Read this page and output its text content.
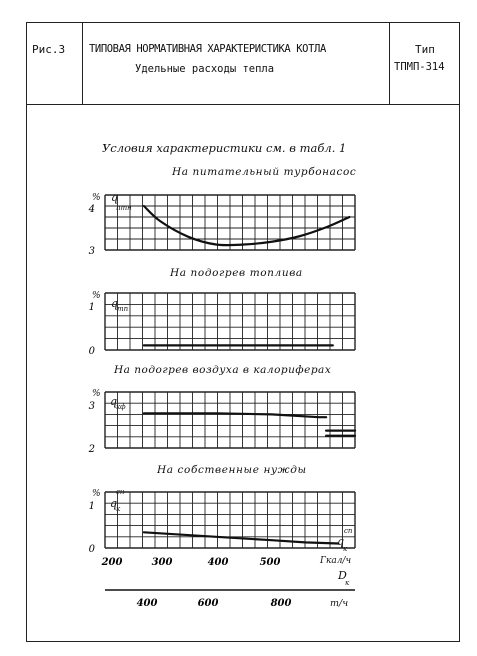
Рис.3 ТИПОВАЯ НОРМАТИВНАЯ ХАРАКТЕРИСТИКА КОТЛА
Удельные расходы тепла
Тип
ТПМП-314
Условия характеристики см. в табл. 1
На питательный турбонасос
На подогрев топлива
На подогрев воздуха в калориферах
На собственные нужды
% q
птн
%
q
тп
%
q
кф
%
q
сн
к
q
сп
к
Гкал/ч
D
к
т/ч
3
4
0
1
2
3
0
1
200	300	400	500
400	600	800
